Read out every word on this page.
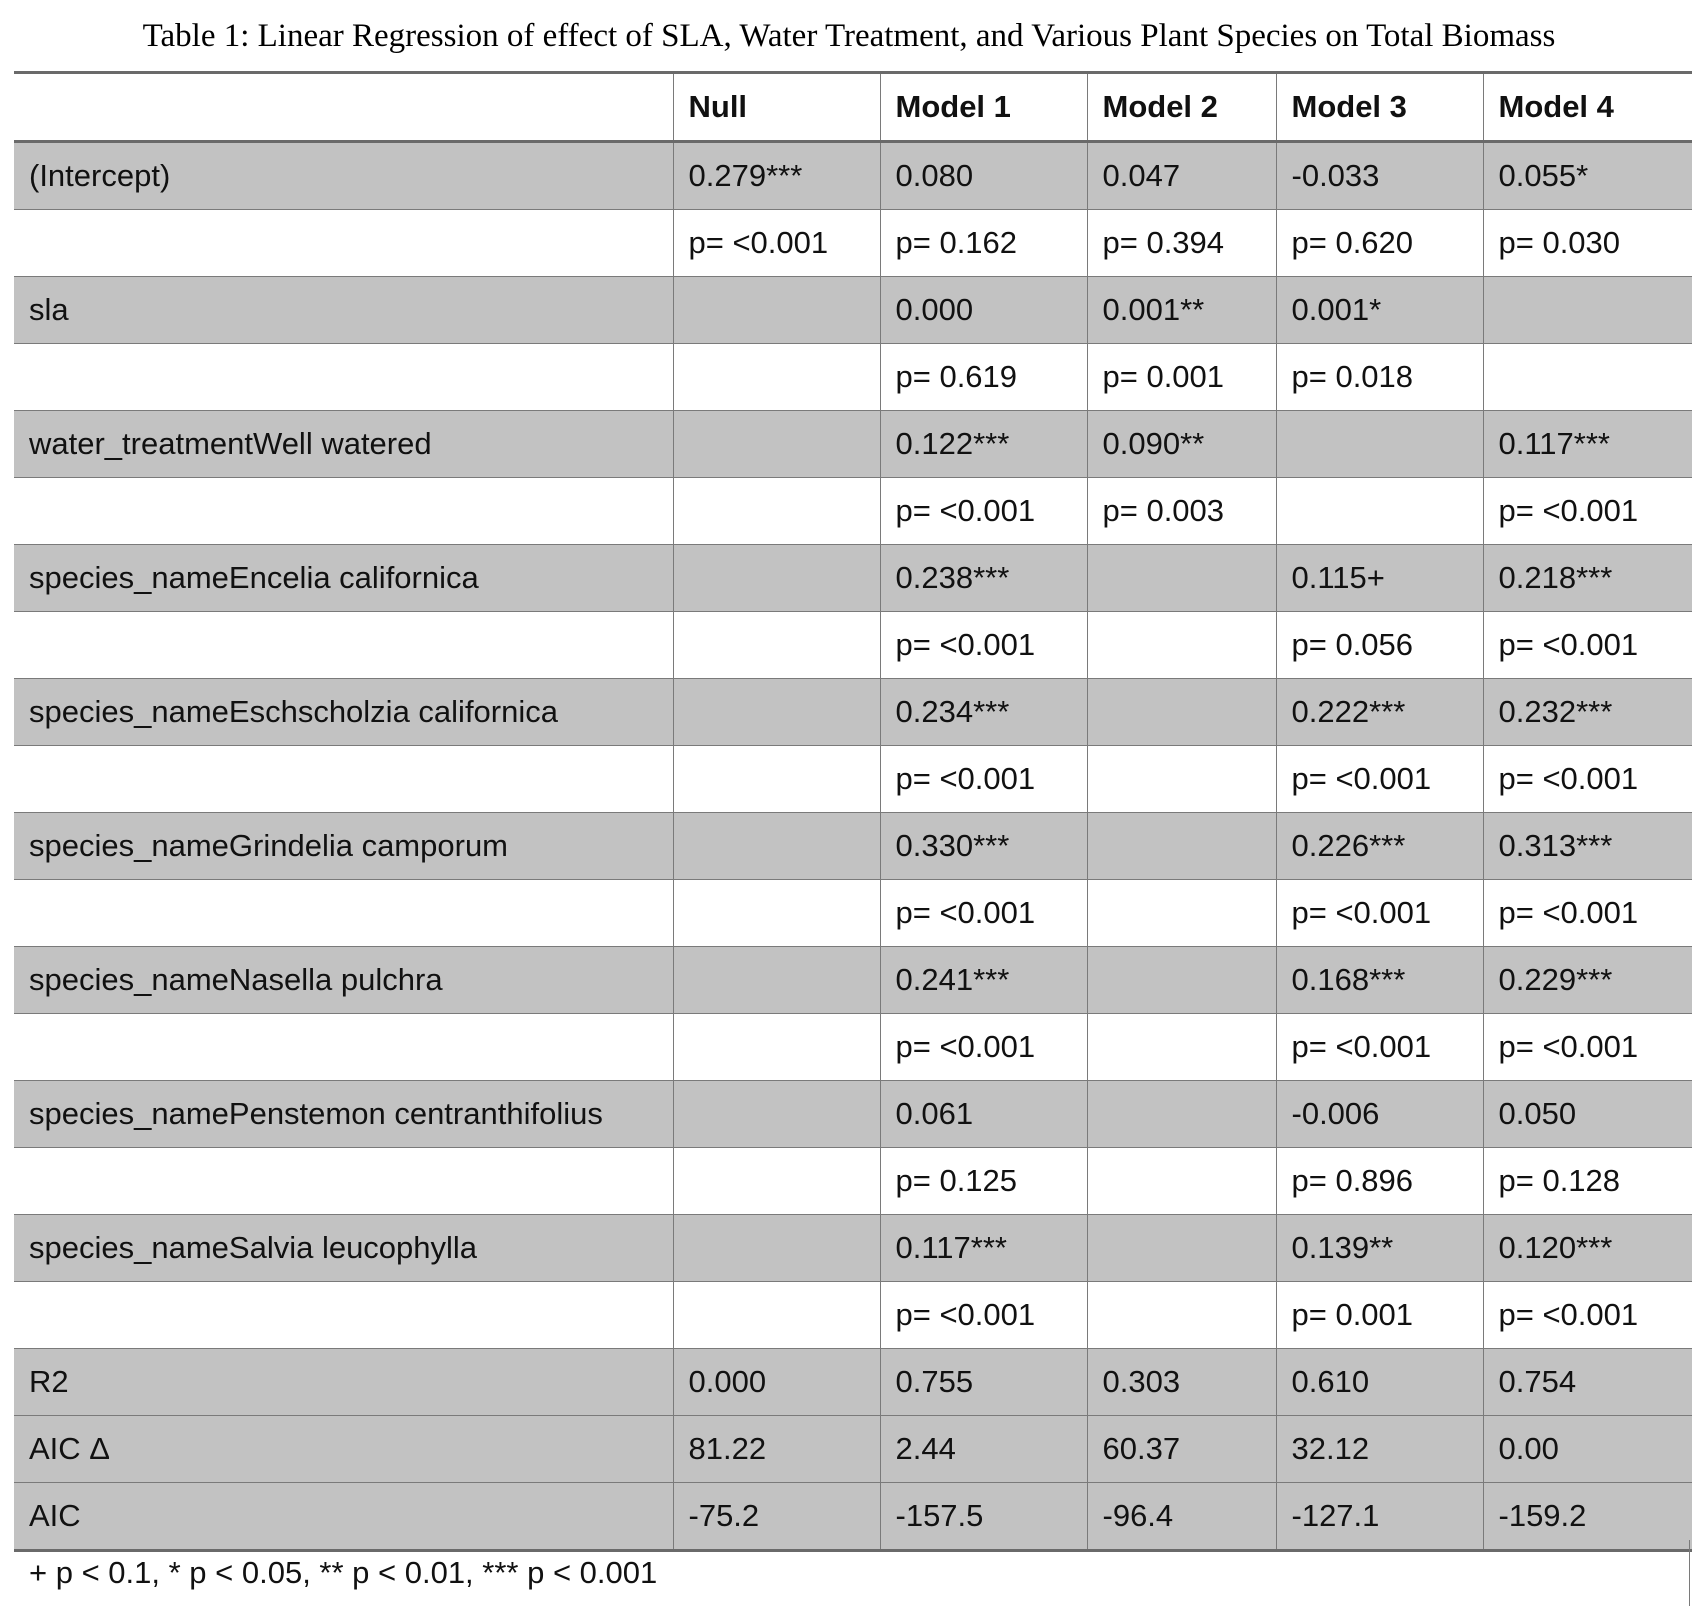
Table 1: Linear Regression of effect of SLA, Water Treatment, and Various Plant Species on Total Biomass
	Null	Model 1	Model 2	Model 3	Model 4
(Intercept)	0.279***	0.080	0.047	-0.033	0.055*
	p= <0.001	p= 0.162	p= 0.394	p= 0.620	p= 0.030
sla		0.000	0.001**	0.001*	
		p= 0.619	p= 0.001	p= 0.018	
water_treatmentWell watered		0.122***	0.090**		0.117***
		p= <0.001	p= 0.003		p= <0.001
species_nameEncelia californica		0.238***		0.115+	0.218***
		p= <0.001		p= 0.056	p= <0.001
species_nameEschscholzia californica		0.234***		0.222***	0.232***
		p= <0.001		p= <0.001	p= <0.001
species_nameGrindelia camporum		0.330***		0.226***	0.313***
		p= <0.001		p= <0.001	p= <0.001
species_nameNasella pulchra		0.241***		0.168***	0.229***
		p= <0.001		p= <0.001	p= <0.001
species_namePenstemon centranthifolius		0.061		-0.006	0.050
		p= 0.125		p= 0.896	p= 0.128
species_nameSalvia leucophylla		0.117***		0.139**	0.120***
		p= <0.001		p= 0.001	p= <0.001
R2	0.000	0.755	0.303	0.610	0.754
AIC Δ	81.22	2.44	60.37	32.12	0.00
AIC	-75.2	-157.5	-96.4	-127.1	-159.2
+ p < 0.1, * p < 0.05, ** p < 0.01, *** p < 0.001
